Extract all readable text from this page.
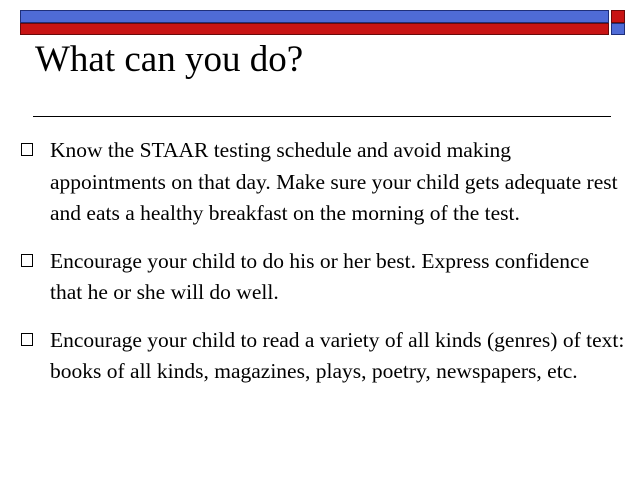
What can you do?
Know the STAAR testing schedule and avoid making appointments on that day. Make sure your child gets adequate rest and eats a healthy breakfast on the morning of the test.
Encourage your child to do his or her best. Express confidence that he or she will do well.
Encourage your child to read a variety of all kinds (genres) of text: books of all kinds, magazines, plays, poetry, newspapers, etc.
